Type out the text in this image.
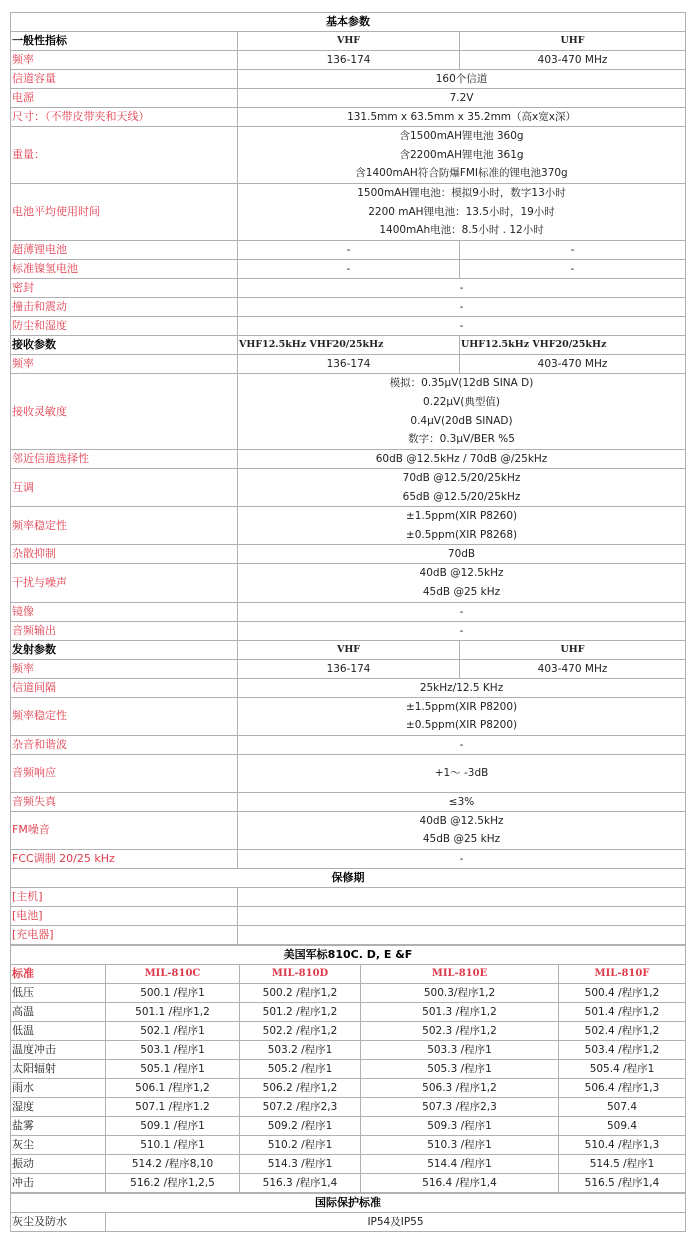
基本参数		
一般性指标	VHF	UHF
频率	136-174	403-470 MHz
信道容量	160个信道	
电源	7.2V	
尺寸：（不带皮带夹和天线）	131.5mm x 63.5mm x 35.2mm（高x宽x深）	
重量：	含1500mAH锂电池 360g
含2200mAH锂电池 361g
含1400mAH符合防爆FMI标准的锂电池370g	

电池平均使用时间	1500mAH锂电池：模拟9小时，数字13小时
2200 mAH锂电池：13.5小时，19小时
1400mAh电池：8.5小时 . 12小时	

超薄锂电池	-	-
标准镍氢电池	-	-
密封	-	
撞击和震动	-	
防尘和湿度	-	
接收参数	VHF12.5kHz VHF20/25kHz	UHF12.5kHz VHF20/25kHz
频率	136-174	403-470 MHz
接收灵敏度	模拟：0.35μV(12dB SINA D)
0.22μV(典型值)
0.4μV(20dB SINAD)
数字：0.3μV/BER %5	

邻近信道选择性	60dB @12.5kHz / 70dB @/25kHz	
互调	70dB @12.5/20/25kHz
65dB @12.5/20/25kHz	

频率稳定性	±1.5ppm(XIR P8260)
±0.5ppm(XIR P8268)	

杂散抑制	70dB	
干扰与噪声	40dB @12.5kHz
45dB @25 kHz	

镜像	-	
音频输出	-	
发射参数	VHF	UHF
频率	136-174	403-470 MHz
信道间隔	25kHz/12.5 KHz	
频率稳定性	±1.5ppm(XIR P8200)
±0.5ppm(XIR P8200)	

杂音和谐波	-	
音频响应	+1～ -3dB	
音频失真	≤3%	
FM噪音	40dB @12.5kHz
45dB @25 kHz	

FCC调制 20/25 kHz	-	
保修期		
[主机]		
[电池]		
[充电器]		
美国军标810C. D, E &F				
标准	MIL-810C	MIL-810D	MIL-810E	MIL-810F
低压	500.1 /程序1	500.2 /程序1,2	500.3/程序1,2	500.4 /程序1,2
高温	501.1 /程序1,2	501.2 /程序1,2	501.3 /程序1,2	501.4 /程序1,2
低温	502.1 /程序1	502.2 /程序1,2	502.3 /程序1,2	502.4 /程序1,2
温度冲击	503.1 /程序1	503.2 /程序1	503.3 /程序1	503.4 /程序1,2
太阳辐射	505.1 /程序1	505.2 /程序1	505.3 /程序1	505.4 /程序1
雨水	506.1 /程序1,2	506.2 /程序1,2	506.3 /程序1,2	506.4 /程序1,3
湿度	507.1 /程序1.2	507.2 /程序2,3	507.3 /程序2,3	507.4
盐雾	509.1 /程序1	509.2 /程序1	509.3 /程序1	509.4
灰尘	510.1 /程序1	510.2 /程序1	510.3 /程序1	510.4 /程序1,3
振动	514.2 /程序8,10	514.3 /程序1	514.4 /程序1	514.5 /程序1
冲击	516.2 /程序1,2,5	516.3 /程序1,4	516.4 /程序1,4	516.5 /程序1,4
国际保护标准
灰尘及防水	IP54及IP55
